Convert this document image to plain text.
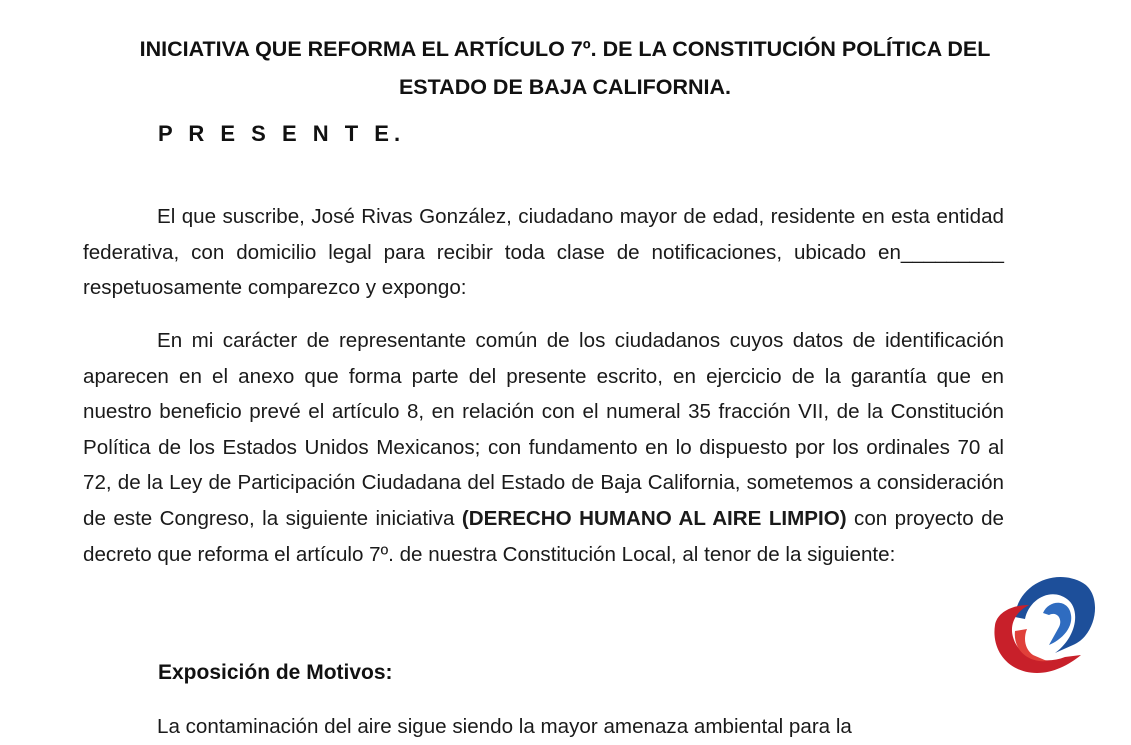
INICIATIVA QUE REFORMA EL ARTÍCULO 7º. DE LA CONSTITUCIÓN POLÍTICA DEL
ESTADO DE BAJA CALIFORNIA.
P R E S E N T E.

El que suscribe, José Rivas González, ciudadano mayor de edad, residente en esta entidad federativa, con domicilio legal para recibir toda clase de notificaciones, ubicado en_________ respetuosamente comparezco y expongo:

En mi carácter de representante común de los ciudadanos cuyos datos de identificación aparecen en el anexo que forma parte del presente escrito, en ejercicio de la garantía que en nuestro beneficio prevé el artículo 8, en relación con el numeral 35 fracción VII, de la Constitución Política de los Estados Unidos Mexicanos; con fundamento en lo dispuesto por los ordinales 70 al 72, de la Ley de Participación Ciudadana del Estado de Baja California, sometemos a consideración de este Congreso, la siguiente iniciativa (DERECHO HUMANO AL AIRE LIMPIO) con proyecto de decreto que reforma el artículo 7º. de nuestra Constitución Local, al tenor de la siguiente:

Exposición de Motivos:

La contaminación del aire sigue siendo la mayor amenaza ambiental para la
